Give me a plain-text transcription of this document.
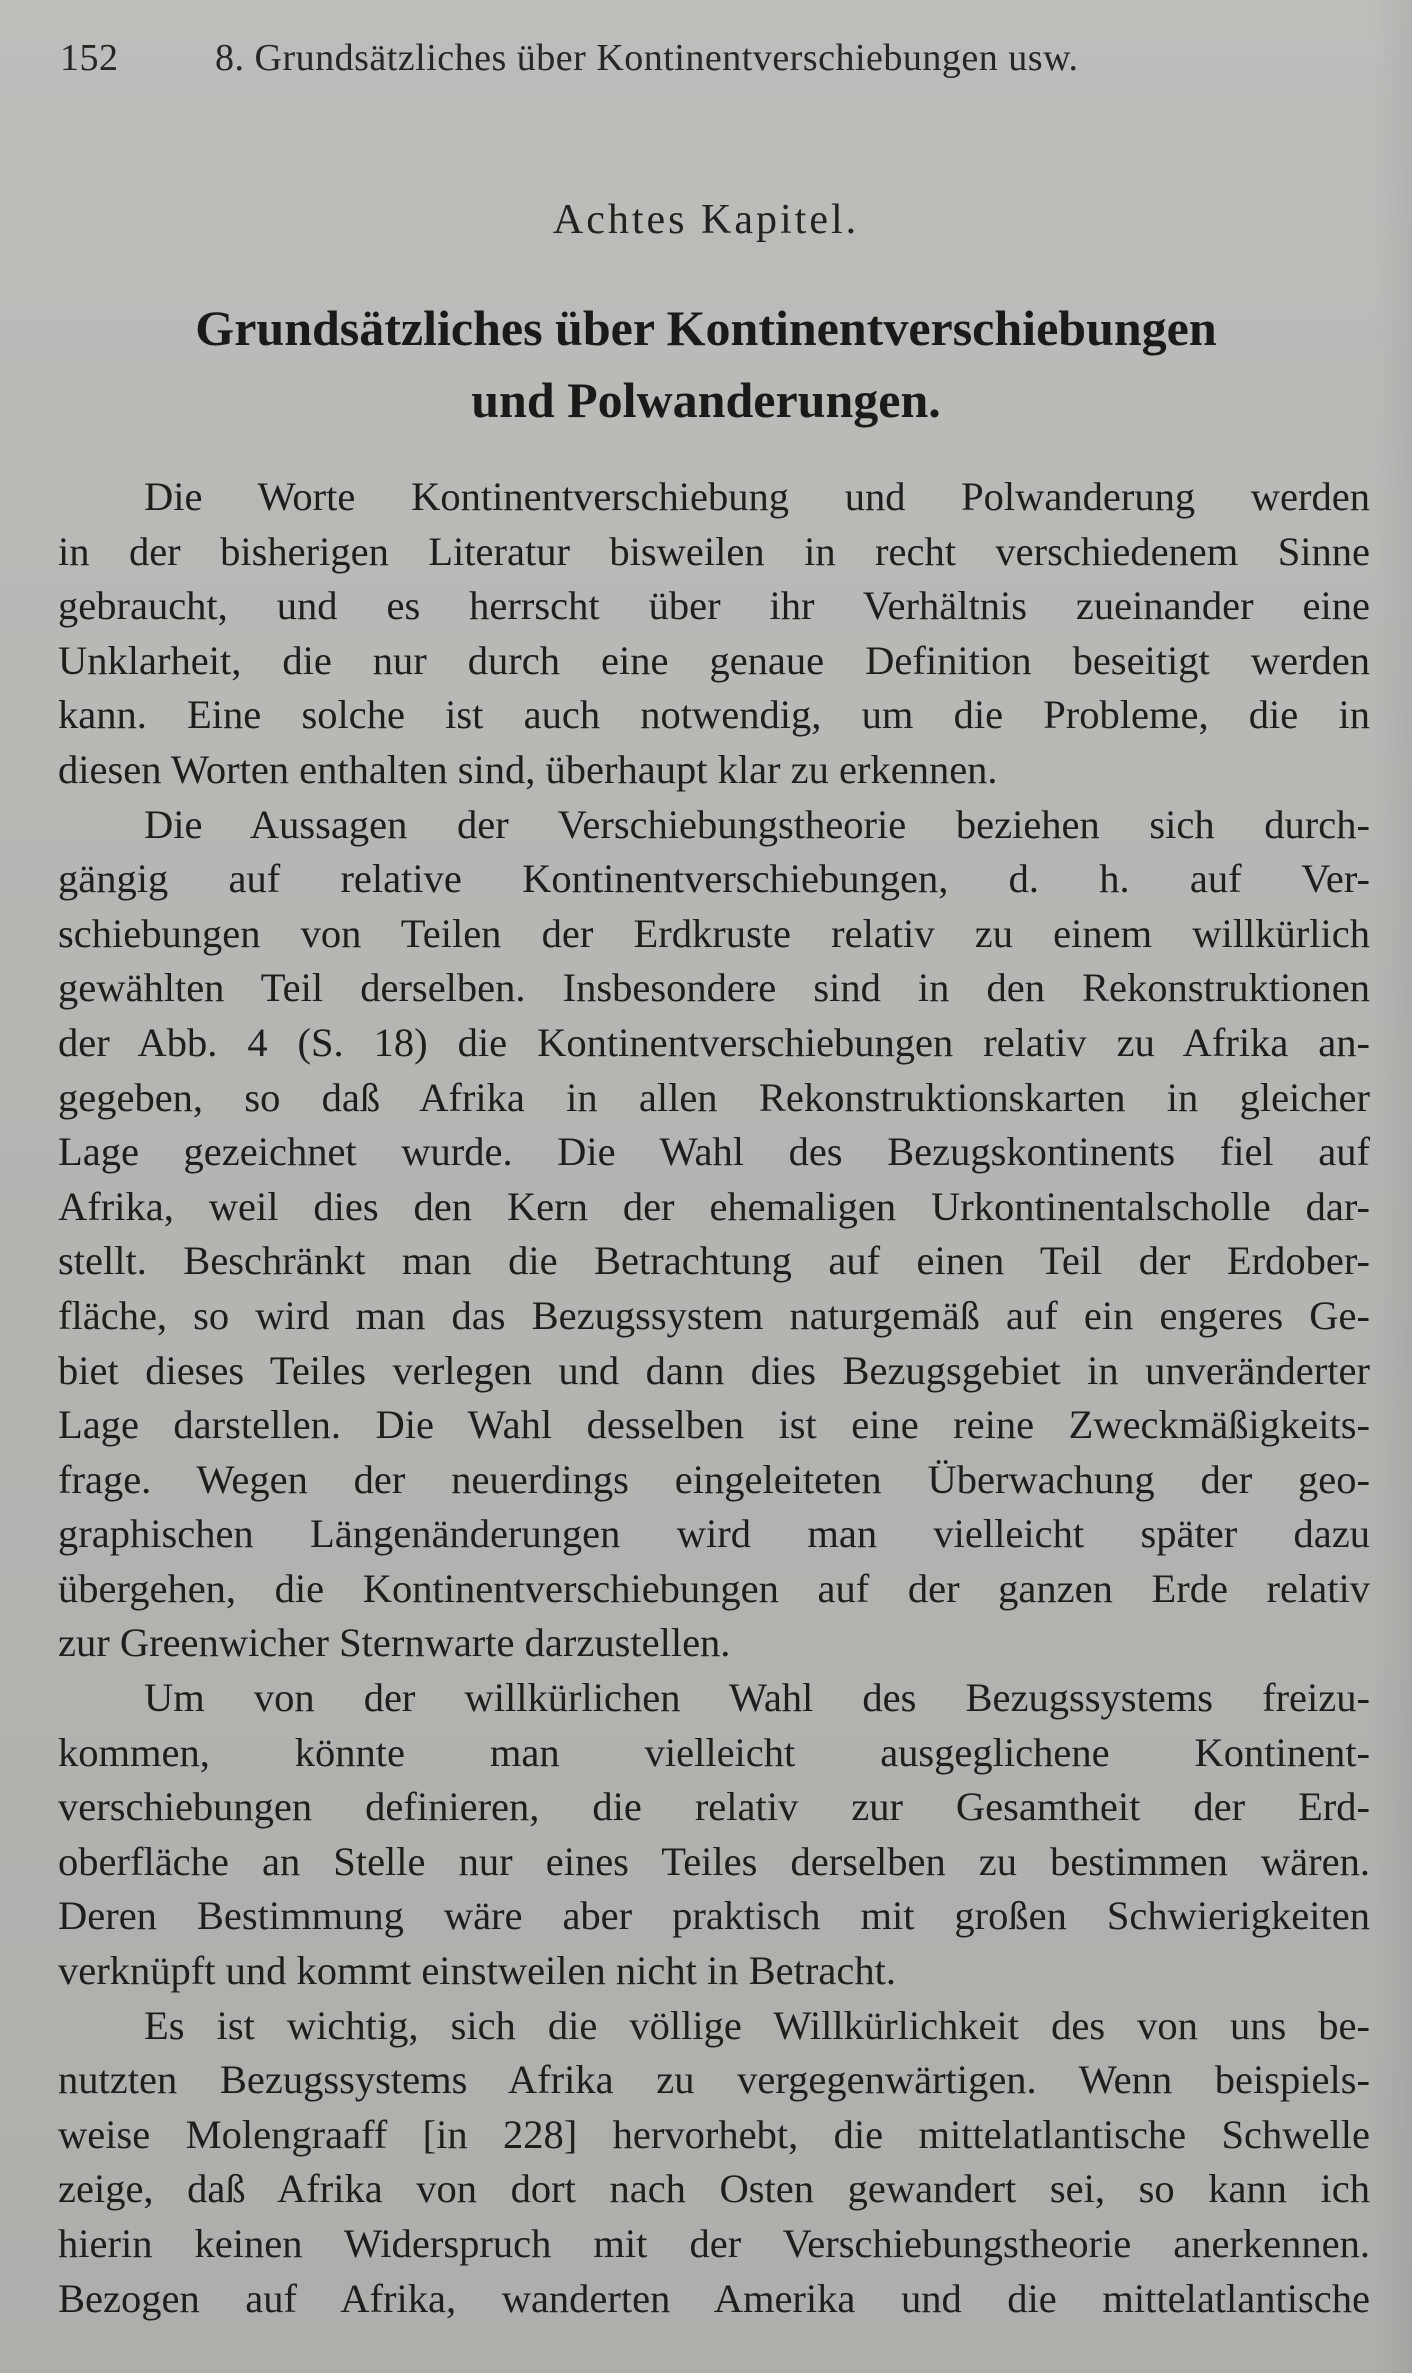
152	8. Grundsätzliches über Kontinentverschiebungen usw.
Achtes Kapitel.
Grundsätzliches über Kontinentverschiebungen
und Polwanderungen.

Die Worte Kontinentverschiebung und Polwanderung werden
in der bisherigen Literatur bisweilen in recht verschiedenem Sinne
gebraucht, und es herrscht über ihr Verhältnis zueinander eine
Unklarheit, die nur durch eine genaue Definition beseitigt werden
kann. Eine solche ist auch notwendig, um die Probleme, die in
diesen Worten enthalten sind, überhaupt klar zu erkennen.

Die Aussagen der Verschiebungstheorie beziehen sich durch-
gängig auf relative Kontinentverschiebungen, d. h. auf Ver-
schiebungen von Teilen der Erdkruste relativ zu einem willkürlich
gewählten Teil derselben. Insbesondere sind in den Rekonstruktionen
der Abb. 4 (S. 18) die Kontinentverschiebungen relativ zu Afrika an-
gegeben, so daß Afrika in allen Rekonstruktionskarten in gleicher
Lage gezeichnet wurde. Die Wahl des Bezugskontinents fiel auf
Afrika, weil dies den Kern der ehemaligen Urkontinentalscholle dar-
stellt. Beschränkt man die Betrachtung auf einen Teil der Erdober-
fläche, so wird man das Bezugssystem naturgemäß auf ein engeres Ge-
biet dieses Teiles verlegen und dann dies Bezugsgebiet in unveränderter
Lage darstellen. Die Wahl desselben ist eine reine Zweckmäßigkeits-
frage. Wegen der neuerdings eingeleiteten Überwachung der geo-
graphischen Längenänderungen wird man vielleicht später dazu
übergehen, die Kontinentverschiebungen auf der ganzen Erde relativ
zur Greenwicher Sternwarte darzustellen.

Um von der willkürlichen Wahl des Bezugssystems freizu-
kommen, könnte man vielleicht ausgeglichene Kontinent-
verschiebungen definieren, die relativ zur Gesamtheit der Erd-
oberfläche an Stelle nur eines Teiles derselben zu bestimmen wären.
Deren Bestimmung wäre aber praktisch mit großen Schwierigkeiten
verknüpft und kommt einstweilen nicht in Betracht.

Es ist wichtig, sich die völlige Willkürlichkeit des von uns be-
nutzten Bezugssystems Afrika zu vergegenwärtigen. Wenn beispiels-
weise Molengraaff [in 228] hervorhebt, die mittelatlantische Schwelle
zeige, daß Afrika von dort nach Osten gewandert sei, so kann ich
hierin keinen Widerspruch mit der Verschiebungstheorie anerkennen.
Bezogen auf Afrika, wanderten Amerika und die mittelatlantische
